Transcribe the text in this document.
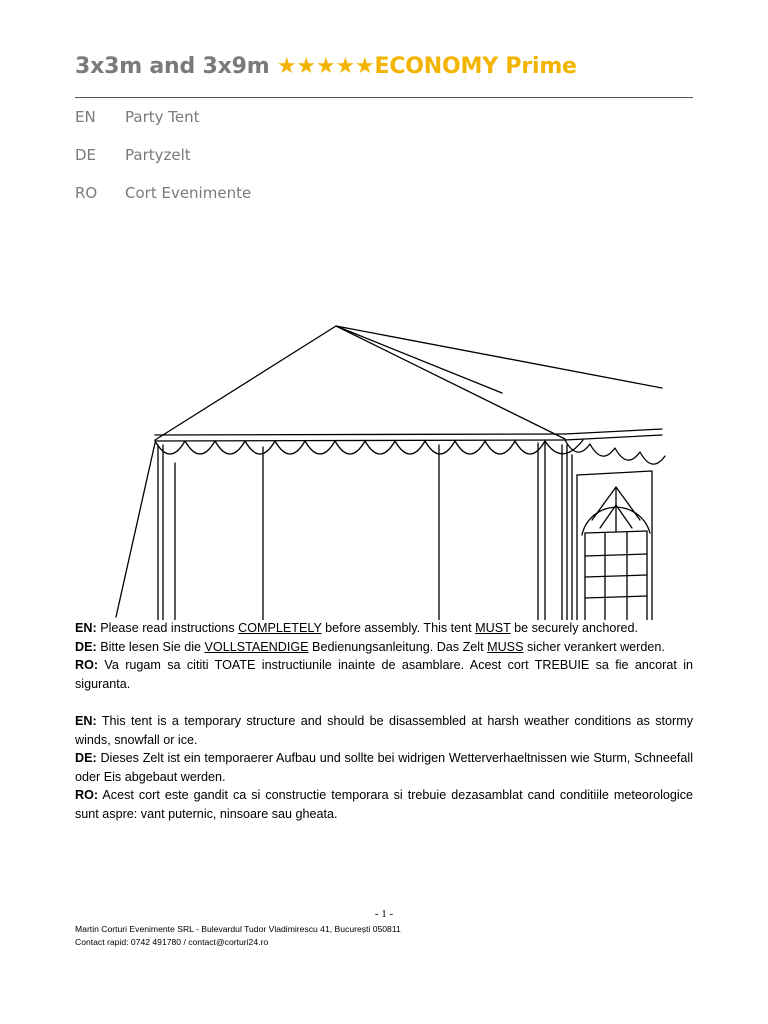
3x3m and 3x9m ★★★★★ECONOMY Prime
EN Party Tent
DE Partyzelt
RO Cort Evenimente

EN: Please read instructions COMPLETELY before assembly. This tent MUST be securely anchored.

DE: Bitte lesen Sie die VOLLSTAENDIGE Bedienungsanleitung. Das Zelt MUSS sicher verankert werden.

RO: Va rugam sa cititi TOATE instructiunile inainte de asamblare. Acest cort TREBUIE sa fie ancorat in siguranta.

EN: This tent is a temporary structure and should be disassembled at harsh weather conditions as stormy winds, snowfall or ice.

DE: Dieses Zelt ist ein temporaerer Aufbau und sollte bei widrigen Wetterverhaeltnissen wie Sturm, Schneefall oder Eis abgebaut werden.

RO: Acest cort este gandit ca si constructie temporara si trebuie dezasamblat cand conditiile meteorologice sunt aspre: vant puternic, ninsoare sau gheata.

- 1 -
Martin Corturi Evenimente SRL - Bulevardul Tudor Vladimirescu 41, București 050811
Contact rapid: 0742 491780 / contact@corturi24.ro
